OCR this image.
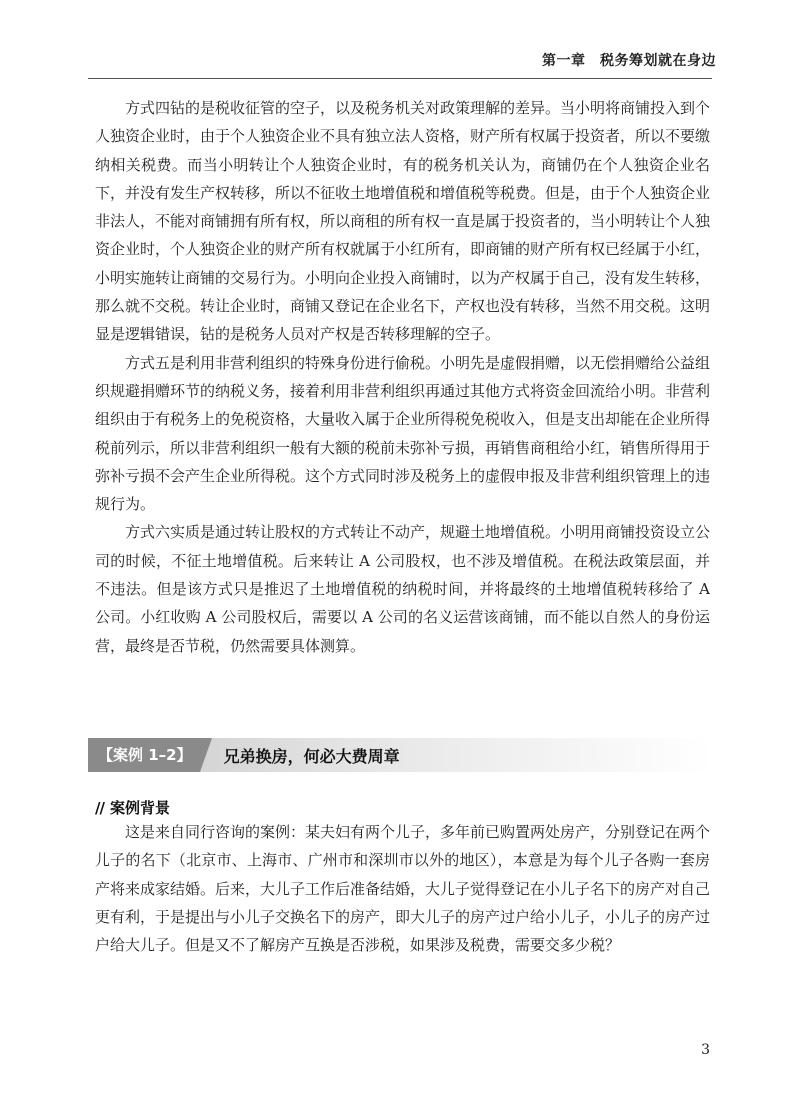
第一章　税务筹划就在身边

方式四钻的是税收征管的空子，以及税务机关对政策理解的差异。当小明将商铺投入到个人独资企业时，由于个人独资企业不具有独立法人资格，财产所有权属于投资者，所以不要缴纳相关税费。而当小明转让个人独资企业时，有的税务机关认为，商铺仍在个人独资企业名下，并没有发生产权转移，所以不征收土地增值税和增值税等税费。但是，由于个人独资企业非法人，不能对商铺拥有所有权，所以商租的所有权一直是属于投资者的，当小明转让个人独资企业时，个人独资企业的财产所有权就属于小红所有，即商铺的财产所有权已经属于小红，小明实施转让商铺的交易行为。小明向企业投入商铺时，以为产权属于自己，没有发生转移，那么就不交税。转让企业时，商铺又登记在企业名下，产权也没有转移，当然不用交税。这明显是逻辑错误，钻的是税务人员对产权是否转移理解的空子。

方式五是利用非营利组织的特殊身份进行偷税。小明先是虚假捐赠，以无偿捐赠给公益组织规避捐赠环节的纳税义务，接着利用非营利组织再通过其他方式将资金回流给小明。非营利组织由于有税务上的免税资格，大量收入属于企业所得税免税收入，但是支出却能在企业所得税前列示，所以非营利组织一般有大额的税前未弥补亏损，再销售商租给小红，销售所得用于弥补亏损不会产生企业所得税。这个方式同时涉及税务上的虚假申报及非营利组织管理上的违规行为。

方式六实质是通过转让股权的方式转让不动产，规避土地增值税。小明用商铺投资设立公司的时候，不征土地增值税。后来转让 A 公司股权，也不涉及增值税。在税法政策层面，并不违法。但是该方式只是推迟了土地增值税的纳税时间，并将最终的土地增值税转移给了 A 公司。小红收购 A 公司股权后，需要以 A 公司的名义运营该商铺，而不能以自然人的身份运营，最终是否节税，仍然需要具体测算。

【案例 1–2】	兄弟换房，何必大费周章
// 案例背景

这是来自同行咨询的案例：某夫妇有两个儿子，多年前已购置两处房产，分别登记在两个儿子的名下（北京市、上海市、广州市和深圳市以外的地区），本意是为每个儿子各购一套房产将来成家结婚。后来，大儿子工作后准备结婚，大儿子觉得登记在小儿子名下的房产对自己更有利，于是提出与小儿子交换名下的房产，即大儿子的房产过户给小儿子，小儿子的房产过户给大儿子。但是又不了解房产互换是否涉税，如果涉及税费，需要交多少税？

3
